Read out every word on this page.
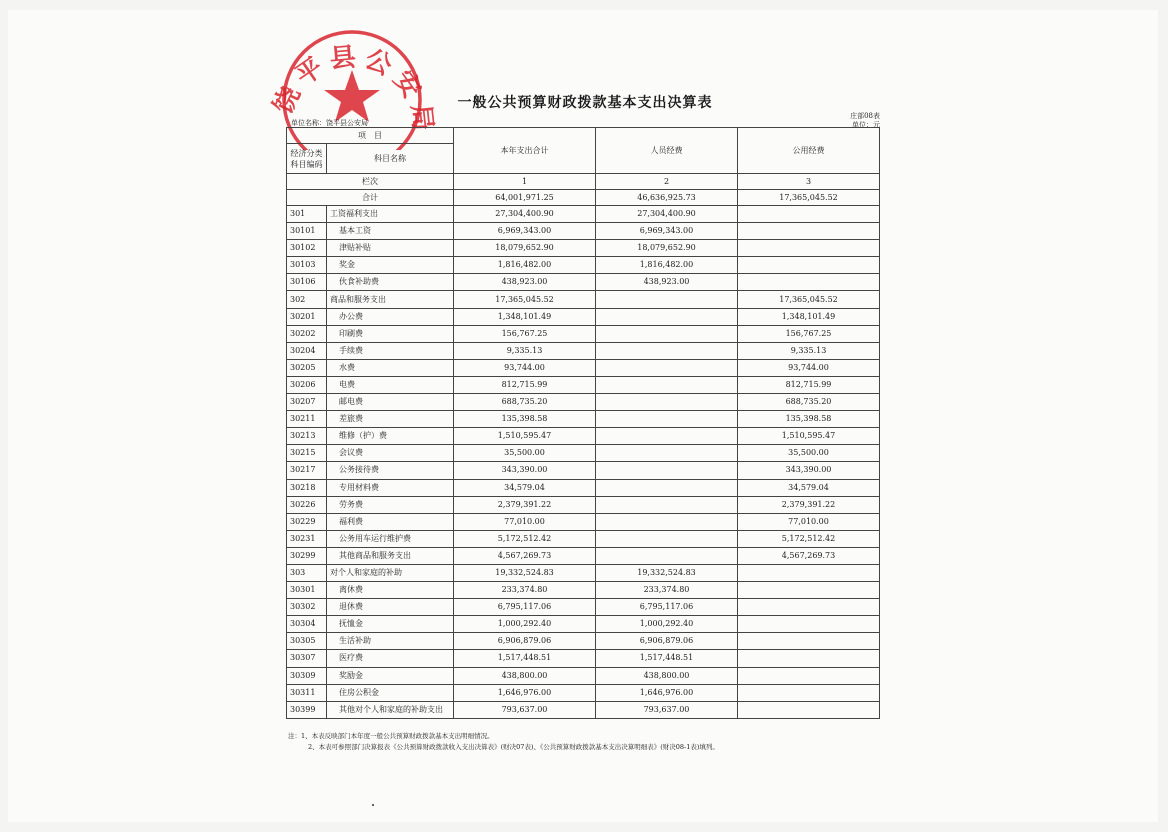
饶平县公安局
一般公共预算财政拨款基本支出决算表
单位名称：饶平县公安局
庄部08表
单位：元
项　目		本年支出合计	人员经费	公用经费
经济分类
科目编码	科目名称			

栏次		1	2	3
合计		64,001,971.25	46,636,925.73	17,365,045.52
301	工资福利支出	27,304,400.90	27,304,400.90	
30101	基本工资	6,969,343.00	6,969,343.00	
30102	津贴补贴	18,079,652.90	18,079,652.90	
30103	奖金	1,816,482.00	1,816,482.00	
30106	伙食补助费	438,923.00	438,923.00	
302	商品和服务支出	17,365,045.52		17,365,045.52
30201	办公费	1,348,101.49		1,348,101.49
30202	印刷费	156,767.25		156,767.25
30204	手续费	9,335.13		9,335.13
30205	水费	93,744.00		93,744.00
30206	电费	812,715.99		812,715.99
30207	邮电费	688,735.20		688,735.20
30211	差旅费	135,398.58		135,398.58
30213	维修（护）费	1,510,595.47		1,510,595.47
30215	会议费	35,500.00		35,500.00
30217	公务接待费	343,390.00		343,390.00
30218	专用材料费	34,579.04		34,579.04
30226	劳务费	2,379,391.22		2,379,391.22
30229	福利费	77,010.00		77,010.00
30231	公务用车运行维护费	5,172,512.42		5,172,512.42
30299	其他商品和服务支出	4,567,269.73		4,567,269.73
303	对个人和家庭的补助	19,332,524.83	19,332,524.83	
30301	离休费	233,374.80	233,374.80	
30302	退休费	6,795,117.06	6,795,117.06	
30304	抚恤金	1,000,292.40	1,000,292.40	
30305	生活补助	6,906,879.06	6,906,879.06	
30307	医疗费	1,517,448.51	1,517,448.51	
30309	奖励金	438,800.00	438,800.00	
30311	住房公积金	1,646,976.00	1,646,976.00	
30399	其他对个人和家庭的补助支出	793,637.00	793,637.00	
注：1、本表反映部门本年度一般公共预算财政拨款基本支出明细情况。
2、本表可参照部门决算报表《公共预算财政拨款收入支出决算表》(财决07表)、《公共预算财政拨款基本支出决算明细表》(财决08-1表)填列。
